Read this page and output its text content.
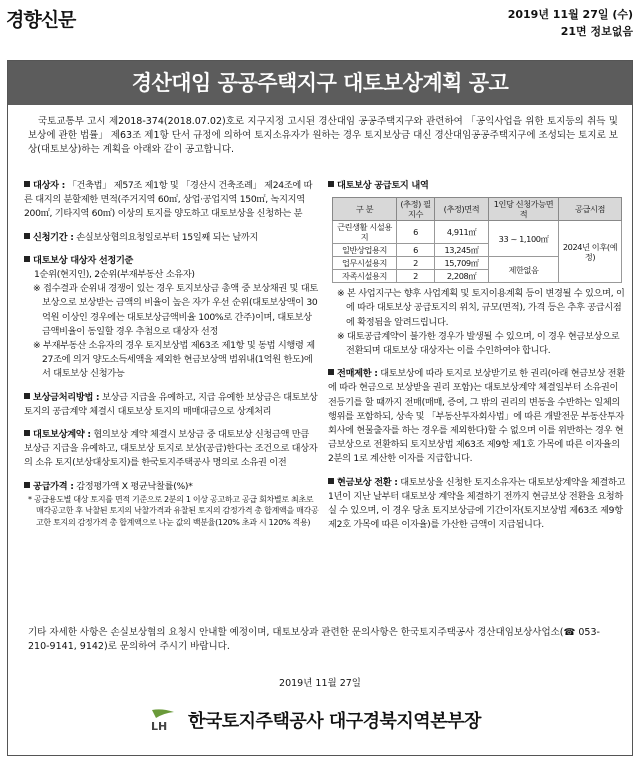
경향신문	2019년 11월 27일 (수)
21면 정보없음
경산대임 공공주택지구 대토보상계획 공고
국토교통부 고시 제2018-374(2018.07.02)호로 지구지정 고시된 경산대임 공공주택지구와 관련하여 「공익사업을 위한 토지등의 취득 및 보상에 관한 법률」 제63조 제1항 단서 규정에 의하여 토지소유자가 원하는 경우 토지보상금 대신 경산대임공공주택지구에 조성되는 토지로 보상(대토보상)하는 계획을 아래와 같이 공고합니다.
대상자 : 「건축법」 제57조 제1항 및 「경산시 건축조례」 제24조에 따른 대지의 분할제한 면적(주거지역 60㎡, 상업·공업지역 150㎡, 녹지지역 200㎡, 기타지역 60㎡) 이상의 토지를 양도하고 대토보상을 신청하는 분
신청기간 : 손실보상협의요청일로부터 15일째 되는 날까지
대토보상 대상자 선정기준
1순위(현지인), 2순위(부재부동산 소유자)
※ 접수결과 순위내 경쟁이 있는 경우 토지보상금 총액 중 보상채권 및 대토보상으로 보상받는 금액의 비율이 높은 자가 우선 순위(대토보상액이 30억원 이상인 경우에는 대토보상금액비율 100%로 간주)이며, 대토보상금액비율이 동일할 경우 추첨으로 대상자 선정
※ 부재부동산 소유자의 경우 토지보상법 제63조 제1항 및 동법 시행령 제27조에 의거 양도소득세액을 제외한 현금보상액 범위내(1억원 한도)에서 대토보상 신청가능
보상금처리방법 : 보상금 지급을 유예하고, 지급 유예한 보상금은 대토보상 토지의 공급계약 체결시 대토보상 토지의 매매대금으로 상계처리
대토보상계약 : 협의보상 계약 체결시 보상금 중 대토보상 신청금액 만큼 보상금 지급을 유예하고, 대토보상 토지로 보상(공급)한다는 조건으로 대상자의 소유 토지(보상대상토지)를 한국토지주택공사 명의로 소유권 이전
공급가격 : 감정평가액 X 평균낙찰률(%)*
* 공급용도별 대상 토지를 면적 기준으로 2분의 1 이상 공고하고 공급 회차별로 최초로 매각공고한 후 낙찰된 토지의 낙찰가격과 유찰된 토지의 감정가격 총 합계액을 매각공고한 토지의 감정가격 총 합계액으로 나눈 값의 백분율(120% 초과 시 120% 적용)
대토보상 공급토지 내역
구 분	(추정) 필지수	(추정)면적	1인당 신청가능면적	공급시점
근린생활 시설용지	6	4,911㎡	33 ~ 1,100㎡	2024년 이후(예정)
일반상업용지	6	13,245㎡		
업무시설용지	2	15,709㎡	제한없음	
자족시설용지	2	2,208㎡		
※ 본 사업지구는 향후 사업계획 및 토지이용계획 등이 변경될 수 있으며, 이에 따라 대토보상 공급토지의 위치, 규모(면적), 가격 등은 추후 공급시점에 확정됨을 알려드립니다.
※ 대토공급계약이 불가한 경우가 발생될 수 있으며, 이 경우 현금보상으로 전환되며 대토보상 대상자는 이를 수인하여야 합니다.
전매제한 : 대토보상에 따라 토지로 보상받기로 한 권리(아래 현금보상 전환에 따라 현금으로 보상받을 권리 포함)는 대토보상계약 체결일부터 소유권이전등기를 할 때까지 전매(매매, 증여, 그 밖의 권리의 변동을 수반하는 일체의 행위를 포함하되, 상속 및 「부동산투자회사법」에 따른 개발전문 부동산투자회사에 현물출자를 하는 경우를 제외한다)할 수 없으며 이를 위반하는 경우 현금보상으로 전환하되 토지보상법 제63조 제9항 제1호 가목에 따른 이자율의 2분의 1로 계산한 이자를 지급합니다.
현금보상 전환 : 대토보상을 신청한 토지소유자는 대토보상계약을 체결하고 1년이 지난 날부터 대토보상 계약을 체결하기 전까지 현금보상 전환을 요청하실 수 있으며, 이 경우 당초 토지보상금에 기간이자(토지보상법 제63조 제9항 제2호 가목에 따른 이자율)를 가산한 금액이 지급됩니다.
기타 자세한 사항은 손실보상협의 요청시 안내할 예정이며, 대토보상과 관련한 문의사항은 한국토지주택공사 경산대임보상사업소(☎ 053-210-9141, 9142)로 문의하여 주시기 바랍니다.
2019년 11월 27일
LH 한국토지주택공사 대구경북지역본부장
